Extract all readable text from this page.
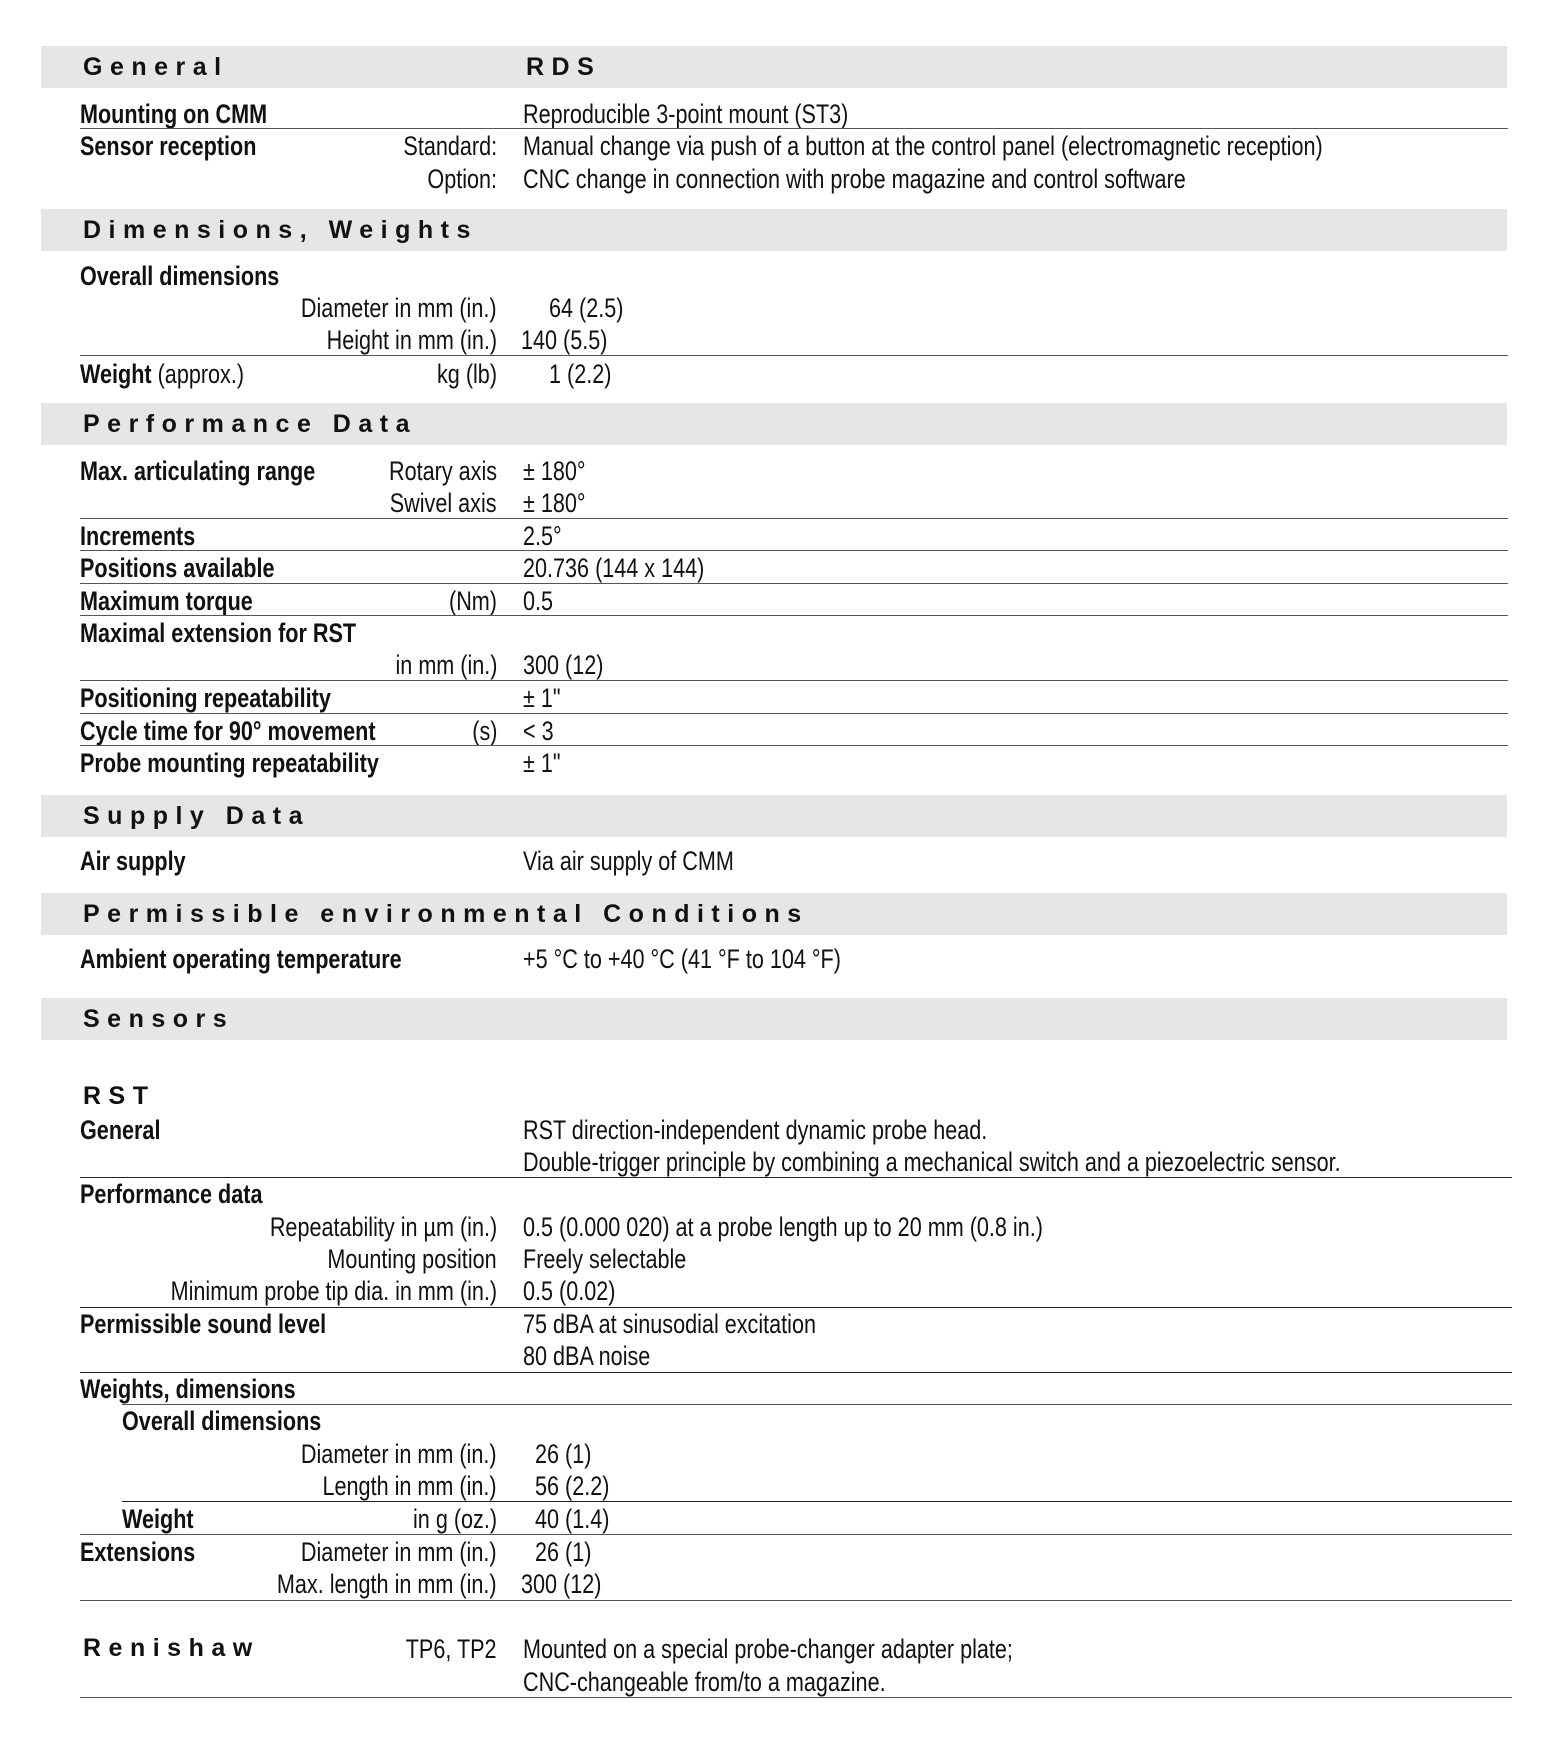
General	RDS
Mounting on CMM	Reproducible 3-point mount (ST3)
Sensor reception	Standard: Manual change via push of a button at the control panel (electromagnetic reception)
Option: CNC change in connection with probe magazine and control software
Dimensions, Weights
Overall dimensions
Diameter in mm (in.) 64 (2.5)
Height in mm (in.) 140 (5.5)
Weight (approx.)	kg (lb) 1 (2.2)
Performance Data
Max. articulating range	Rotary axis ± 180°
Swivel axis ± 180°
Increments	2.5°
Positions available	20.736 (144 x 144)
Maximum torque	(Nm) 0.5
Maximal extension for RST
in mm (in.) 300 (12)
Positioning repeatability	± 1"
Cycle time for 90° movement	(s) < 3
Probe mounting repeatability	± 1"
Supply Data
Air supply	Via air supply of CMM
Permissible environmental Conditions
Ambient operating temperature	+5 °C to +40 °C (41 °F to 104 °F)
Sensors
RST
General	RST direction-independent dynamic probe head.
Double-trigger principle by combining a mechanical switch and a piezoelectric sensor.
Performance data
Repeatability in µm (in.) 0.5 (0.000 020) at a probe length up to 20 mm (0.8 in.)
Mounting position Freely selectable
Minimum probe tip dia. in mm (in.) 0.5 (0.02)
Permissible sound level	75 dBA at sinusodial excitation
80 dBA noise
Weights, dimensions
Overall dimensions
Diameter in mm (in.) 26 (1)
Length in mm (in.) 56 (2.2)
Weight	in g (oz.) 40 (1.4)
Extensions	Diameter in mm (in.) 26 (1)
Max. length in mm (in.) 300 (12)
Renishaw	TP6, TP2 Mounted on a special probe-changer adapter plate;
CNC-changeable from/to a magazine.
